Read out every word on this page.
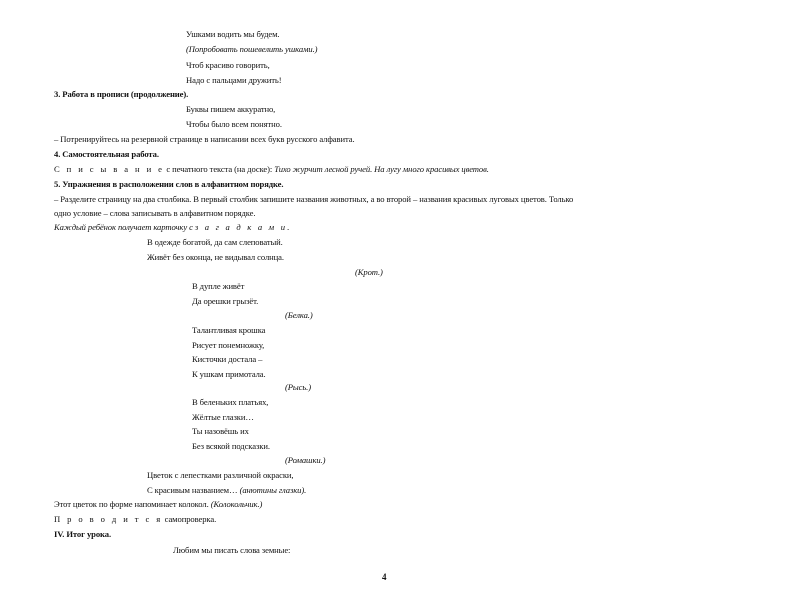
Ушками водить мы будем.
(Попробовать пошевелить ушками.)
Чтоб красиво говорить,
Надо с пальцами дружить!
3. Работа в прописи (продолжение).
Буквы пишем аккуратно,
Чтобы было всем понятно.
– Потренируйтесь на резервной странице в написании всех букв русского алфавита.
4. Самостоятельная работа.
С п и с ы в а н и е с печатного текста (на доске): Тихо журчит лесной ручей. На лугу много красивых цветов.
5. Упражнения в расположении слов в алфавитном порядке.
– Разделите страницу на два столбика. В первый столбик запишите названия животных, а во второй – названия красивых луговых цветов. Только
одно условие – слова записывать в алфавитном порядке.
Каждый ребёнок получает карточку с з а г а д к а м и.
В одежде богатой, да сам слеповатый.
Живёт без оконца, не видывал солнца.
(Крот.)
В дупле живёт
Да орешки грызёт.
(Белка.)
Талантливая крошка
Рисует понемножку,
Кисточки достала –
К ушкам примотала.
(Рысь.)
В беленьких платьях,
Жёлтые глазки…
Ты назовёшь их
Без всякой подсказки.
(Ромашки.)
Цветок с лепестками различной окраски,
С красивым названием… (анютины глазки).
Этот цветок по форме напоминает колокол. (Колокольчик.)
П р о в о д и т с я самопроверка.
IV. Итог урока.
Любим мы писать слова земные:
4
